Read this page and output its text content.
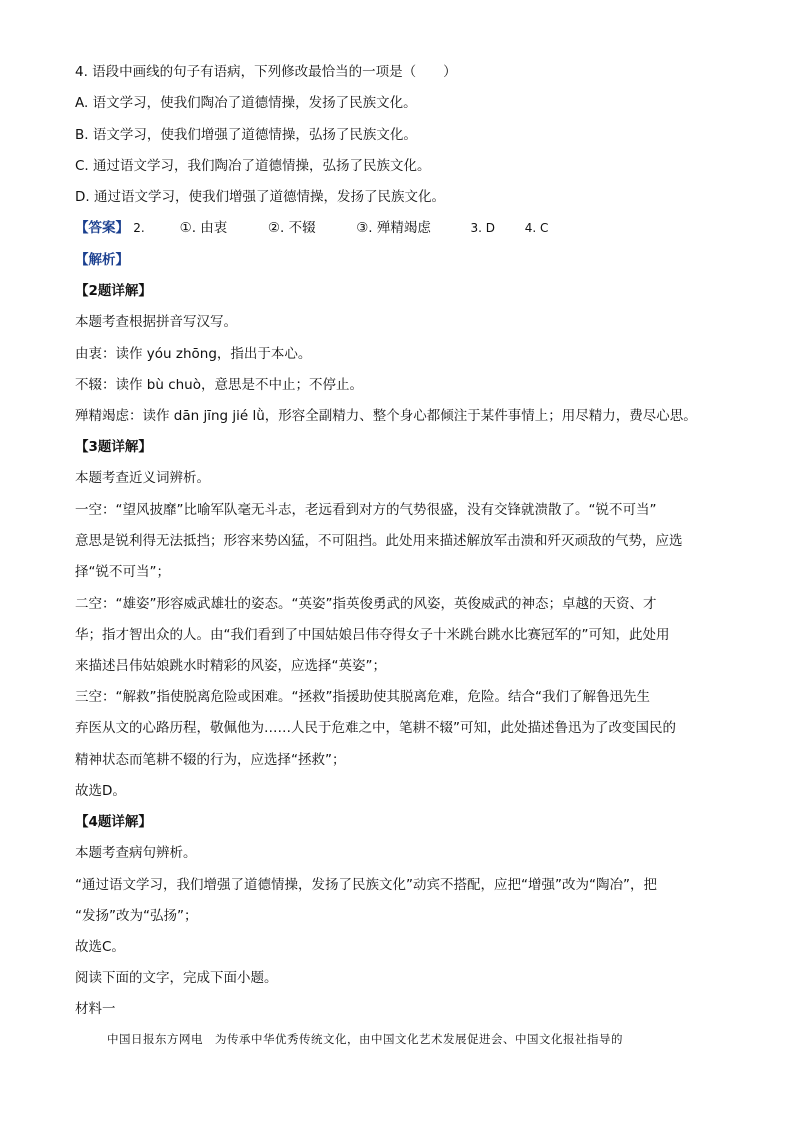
4. 语段中画线的句子有语病，下列修改最恰当的一项是（　　）
A. 语文学习，使我们陶冶了道德情操，发扬了民族文化。
B. 语文学习，使我们增强了道德情操，弘扬了民族文化。
C. 通过语文学习，我们陶冶了道德情操，弘扬了民族文化。
D. 通过语文学习，使我们增强了道德情操，发扬了民族文化。
【答案】 2.	①. 由衷	②. 不辍	③. 殚精竭虑	3. D 4. C
【解析】
【2题详解】
本题考查根据拼音写汉写。
由衷：读作 yóu zhōng，指出于本心。
不辍：读作 bù chuò，意思是不中止；不停止。
殚精竭虑：读作 dān jīng jié lǜ，形容全副精力、整个身心都倾注于某件事情上；用尽精力，费尽心思。
【3题详解】
本题考查近义词辨析。
一空：“望风披靡”比喻军队毫无斗志，老远看到对方的气势很盛，没有交锋就溃散了。“锐不可当”
意思是锐利得无法抵挡；形容来势凶猛，不可阻挡。此处用来描述解放军击溃和歼灭顽敌的气势，应选
择“锐不可当”；
二空：“雄姿”形容威武雄壮的姿态。“英姿”指英俊勇武的风姿，英俊威武的神态；卓越的天资、才
华；指才智出众的人。由“我们看到了中国姑娘吕伟夺得女子十米跳台跳水比赛冠军的”可知，此处用
来描述吕伟姑娘跳水时精彩的风姿，应选择“英姿”；
三空：“解救”指使脱离危险或困难。“拯救”指援助使其脱离危难，危险。结合“我们了解鲁迅先生
弃医从文的心路历程，敬佩他为……人民于危难之中，笔耕不辍”可知，此处描述鲁迅为了改变国民的
精神状态而笔耕不辍的行为，应选择“拯救”；
故选D。
【4题详解】
本题考查病句辨析。
“通过语文学习，我们增强了道德情操，发扬了民族文化”动宾不搭配，应把“增强”改为“陶冶”，把
“发扬”改为“弘扬”；
故选C。
阅读下面的文字，完成下面小题。
材料一
中国日报东方网电　为传承中华优秀传统文化，由中国文化艺术发展促进会、中国文化报社指导的
